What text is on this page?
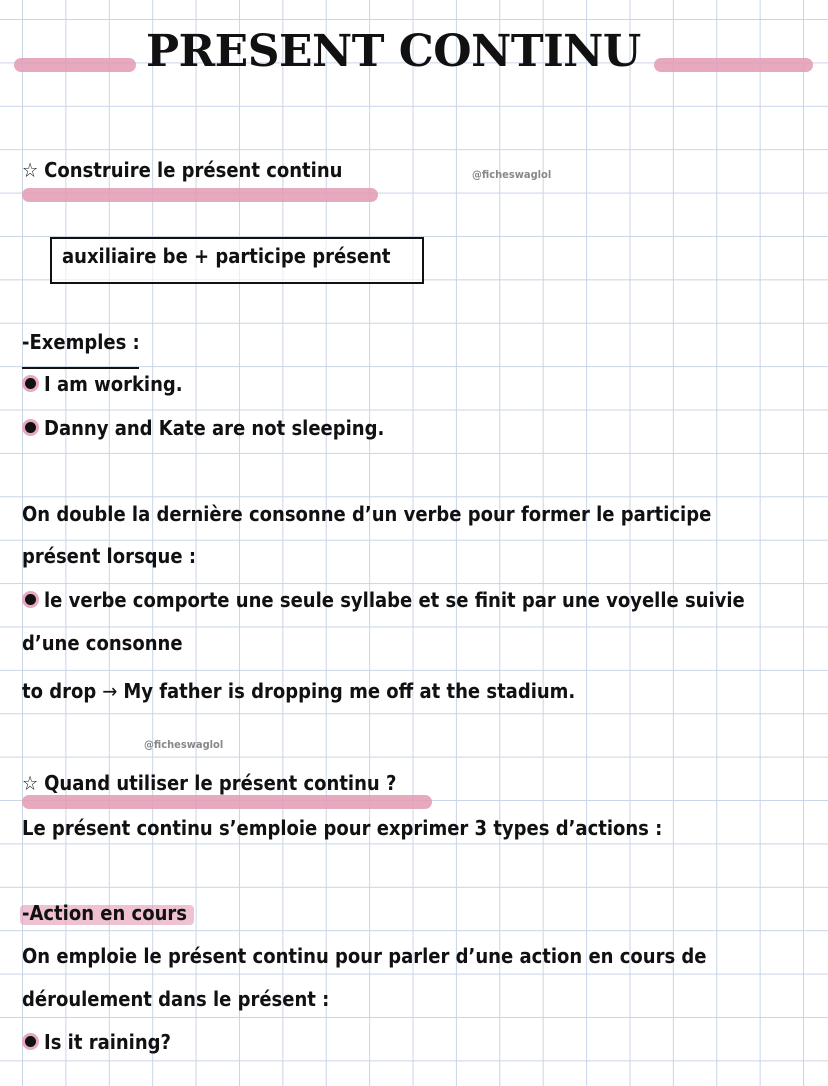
PRESENT CONTINU
☆ Construire le présent continu	@ficheswaglol
auxiliaire be + participe présent
-Exemples :
I am working.
Danny and Kate are not sleeping.
On double la dernière consonne d’un verbe pour former le participe
présent lorsque :
le verbe comporte une seule syllabe et se finit par une voyelle suivie
d’une consonne
to drop → My father is dropping me off at the stadium.
@ficheswaglol
☆ Quand utiliser le présent continu ?
Le présent continu s’emploie pour exprimer 3 types d’actions :
-Action en cours
On emploie le présent continu pour parler d’une action en cours de
déroulement dans le présent :
Is it raining?
